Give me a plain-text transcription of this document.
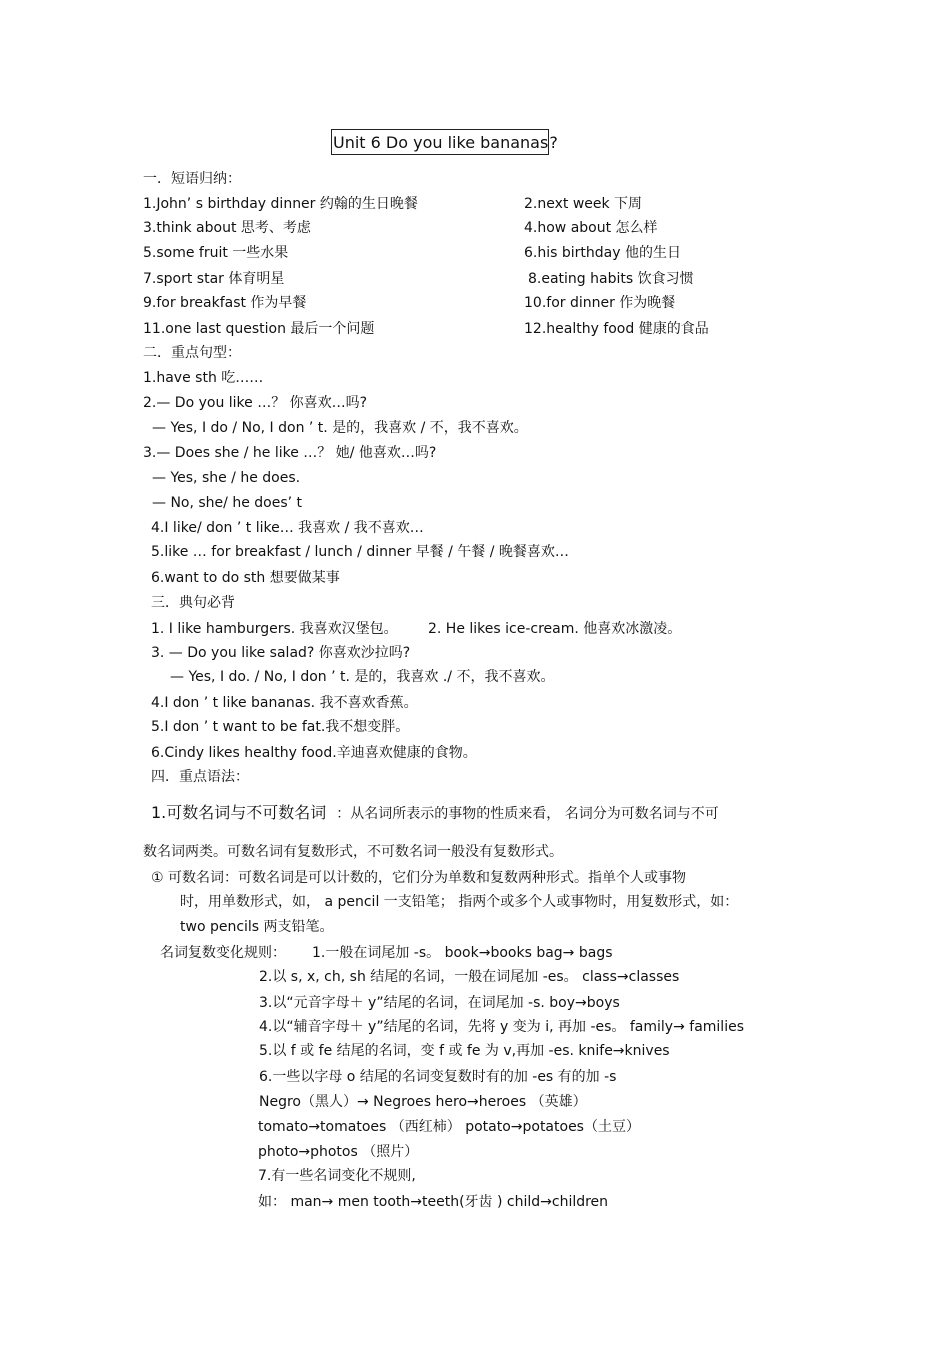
Unit 6 Do you like bananas?
一．短语归纳：
1.John’ s birthday dinner 约翰的生日晚餐
3.think about 思考、考虑
5.some fruit 一些水果
7.sport star 体育明星
9.for breakfast 作为早餐
11.one last question 最后一个问题
2.next week 下周
4.how about 怎么样
6.his birthday 他的生日
8.eating habits 饮食习惯
10.for dinner 作为晚餐
12.healthy food 健康的食品
二．重点句型：
1.have sth 吃……
2.— Do you like …？ 你喜欢…吗?
— Yes, I do / No, I don ’ t. 是的，我喜欢 / 不，我不喜欢。
3.— Does she / he like …？ 她/ 他喜欢…吗?
— Yes, she / he does.
— No, she/ he does’ t
4.I like/ don ’ t like… 我喜欢 / 我不喜欢…
5.like … for breakfast / lunch / dinner 早餐 / 午餐 / 晚餐喜欢…
6.want to do sth 想要做某事
三．典句必背
1. I like hamburgers. 我喜欢汉堡包。 2. He likes ice-cream. 他喜欢冰激凌。
3. — Do you like salad? 你喜欢沙拉吗?
— Yes, I do. / No, I don ’ t. 是的，我喜欢 ./ 不，我不喜欢。
4.I don ’ t like bananas. 我不喜欢香蕉。
5.I don ’ t want to be fat.我不想变胖。
6.Cindy likes healthy food.辛迪喜欢健康的食物。
四．重点语法：
1.可数名词与不可数名词 ：从名词所表示的事物的性质来看， 名词分为可数名词与不可
数名词两类。可数名词有复数形式，不可数名词一般没有复数形式。
① 可数名词：可数名词是可以计数的，它们分为单数和复数两种形式。指单个人或事物
时，用单数形式，如， a pencil 一支铅笔； 指两个或多个人或事物时，用复数形式，如：
two pencils 两支铅笔。
名词复数变化规则： 1.一般在词尾加 -s。 book→books bag→ bags
2.以 s, x, ch, sh 结尾的名词，一般在词尾加 -es。 class→classes
3.以“元音字母＋ y”结尾的名词，在词尾加 -s. boy→boys
4.以“辅音字母＋ y”结尾的名词，先将 y 变为 i, 再加 -es。 family→ families
5.以 f 或 fe 结尾的名词，变 f 或 fe 为 v,再加 -es. knife→knives
6.一些以字母 o 结尾的名词变复数时有的加 -es 有的加 -s
Negro（黑人）→ Negroes hero→heroes （英雄）
tomato→tomatoes （西红柿） potato→potatoes（土豆）
photo→photos （照片）
7.有一些名词变化不规则,
如： man→ men tooth→teeth(牙齿 ) child→children
